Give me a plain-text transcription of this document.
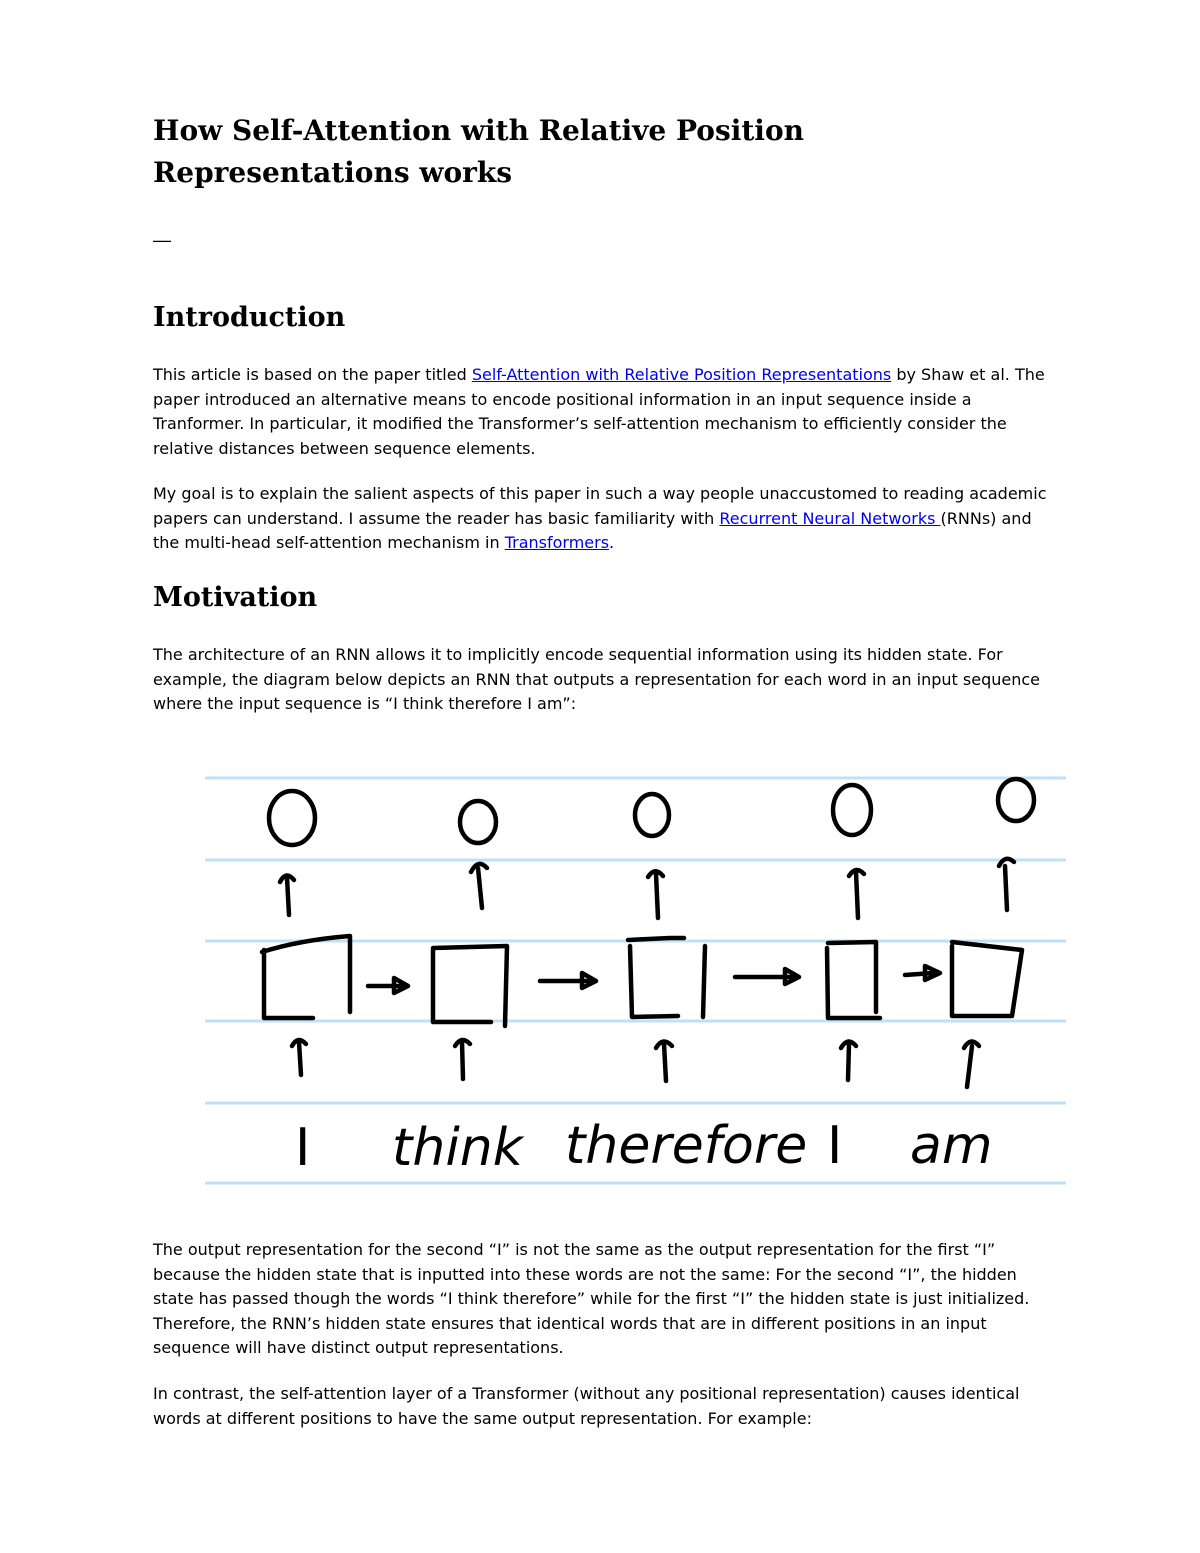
How Self-Attention with Relative Position Representations works
—
Introduction

This article is based on the paper titled Self-Attention with Relative Position Representations by Shaw et al. The paper introduced an alternative means to encode positional information in an input sequence inside a Tranformer. In particular, it modified the Transformer’s self-attention mechanism to efficiently consider the relative distances between sequence elements.

My goal is to explain the salient aspects of this paper in such a way people unaccustomed to reading academic papers can understand. I assume the reader has basic familiarity with Recurrent Neural Networks (RNNs) and the multi-head self-attention mechanism in Transformers.

Motivation

The architecture of an RNN allows it to implicitly encode sequential information using its hidden state. For example, the diagram below depicts an RNN that outputs a representation for each word in an input sequence where the input sequence is “I think therefore I am”:

I think therefore I am

The output representation for the second “I” is not the same as the output representation for the first “I” because the hidden state that is inputted into these words are not the same: For the second “I”, the hidden state has passed though the words “I think therefore” while for the first “I” the hidden state is just initialized. Therefore, the RNN’s hidden state ensures that identical words that are in different positions in an input sequence will have distinct output representations.

In contrast, the self-attention layer of a Transformer (without any positional representation) causes identical words at different positions to have the same output representation. For example:
